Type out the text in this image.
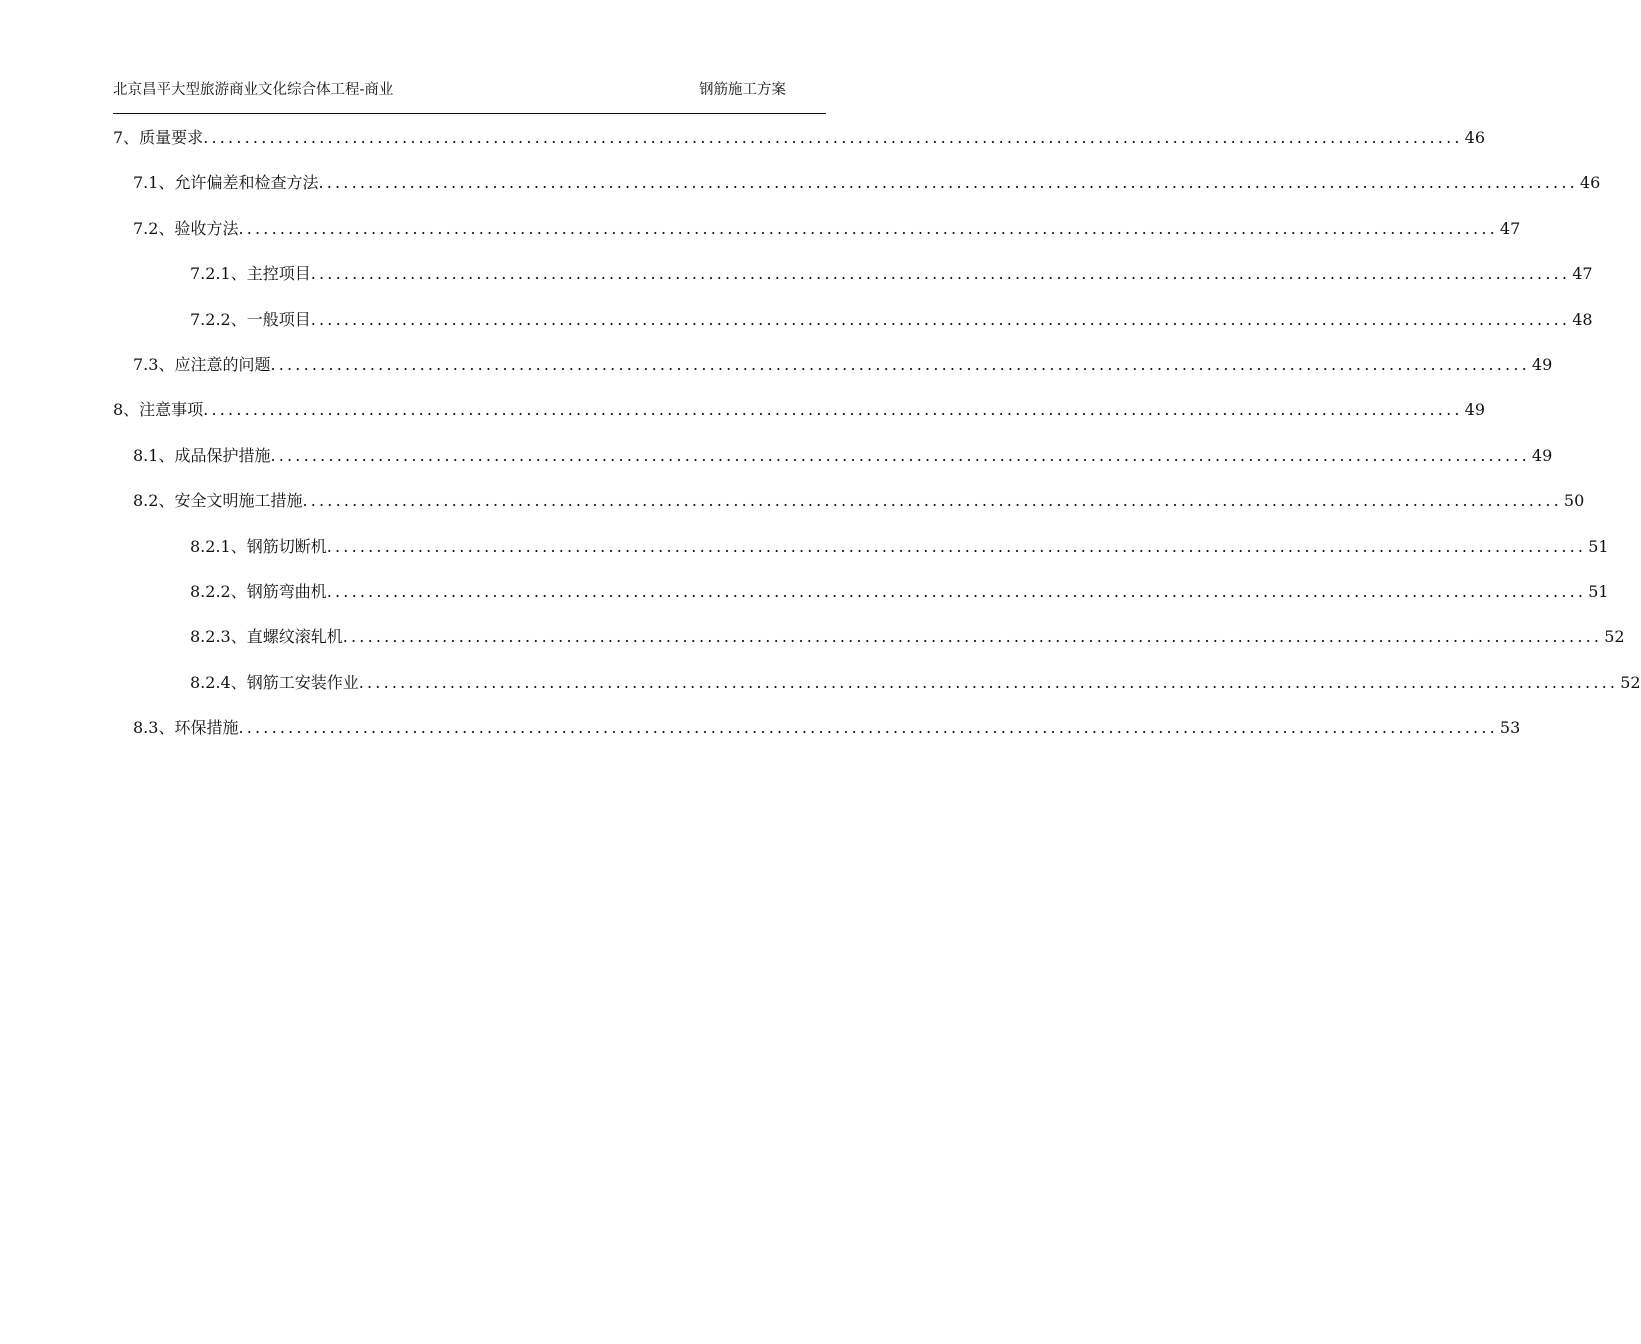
北京昌平大型旅游商业文化综合体工程-商业	钢筋施工方案
7、质量要求 ........................................................................................................................................................ 46
7.1、允许偏差和检查方法 ........................................................................................................................................................ 46
7.2、验收方法 ........................................................................................................................................................ 47
7.2.1、主控项目 ........................................................................................................................................................ 47
7.2.2、一般项目 ........................................................................................................................................................ 48
7.3、应注意的问题 ........................................................................................................................................................ 49
8、注意事项 ........................................................................................................................................................ 49
8.1、成品保护措施 ........................................................................................................................................................ 49
8.2、安全文明施工措施 ........................................................................................................................................................ 50
8.2.1、钢筋切断机 ........................................................................................................................................................ 51
8.2.2、钢筋弯曲机 ........................................................................................................................................................ 51
8.2.3、直螺纹滚轧机 ........................................................................................................................................................ 52
8.2.4、钢筋工安装作业 ........................................................................................................................................................ 52
8.3、环保措施 ........................................................................................................................................................ 53
